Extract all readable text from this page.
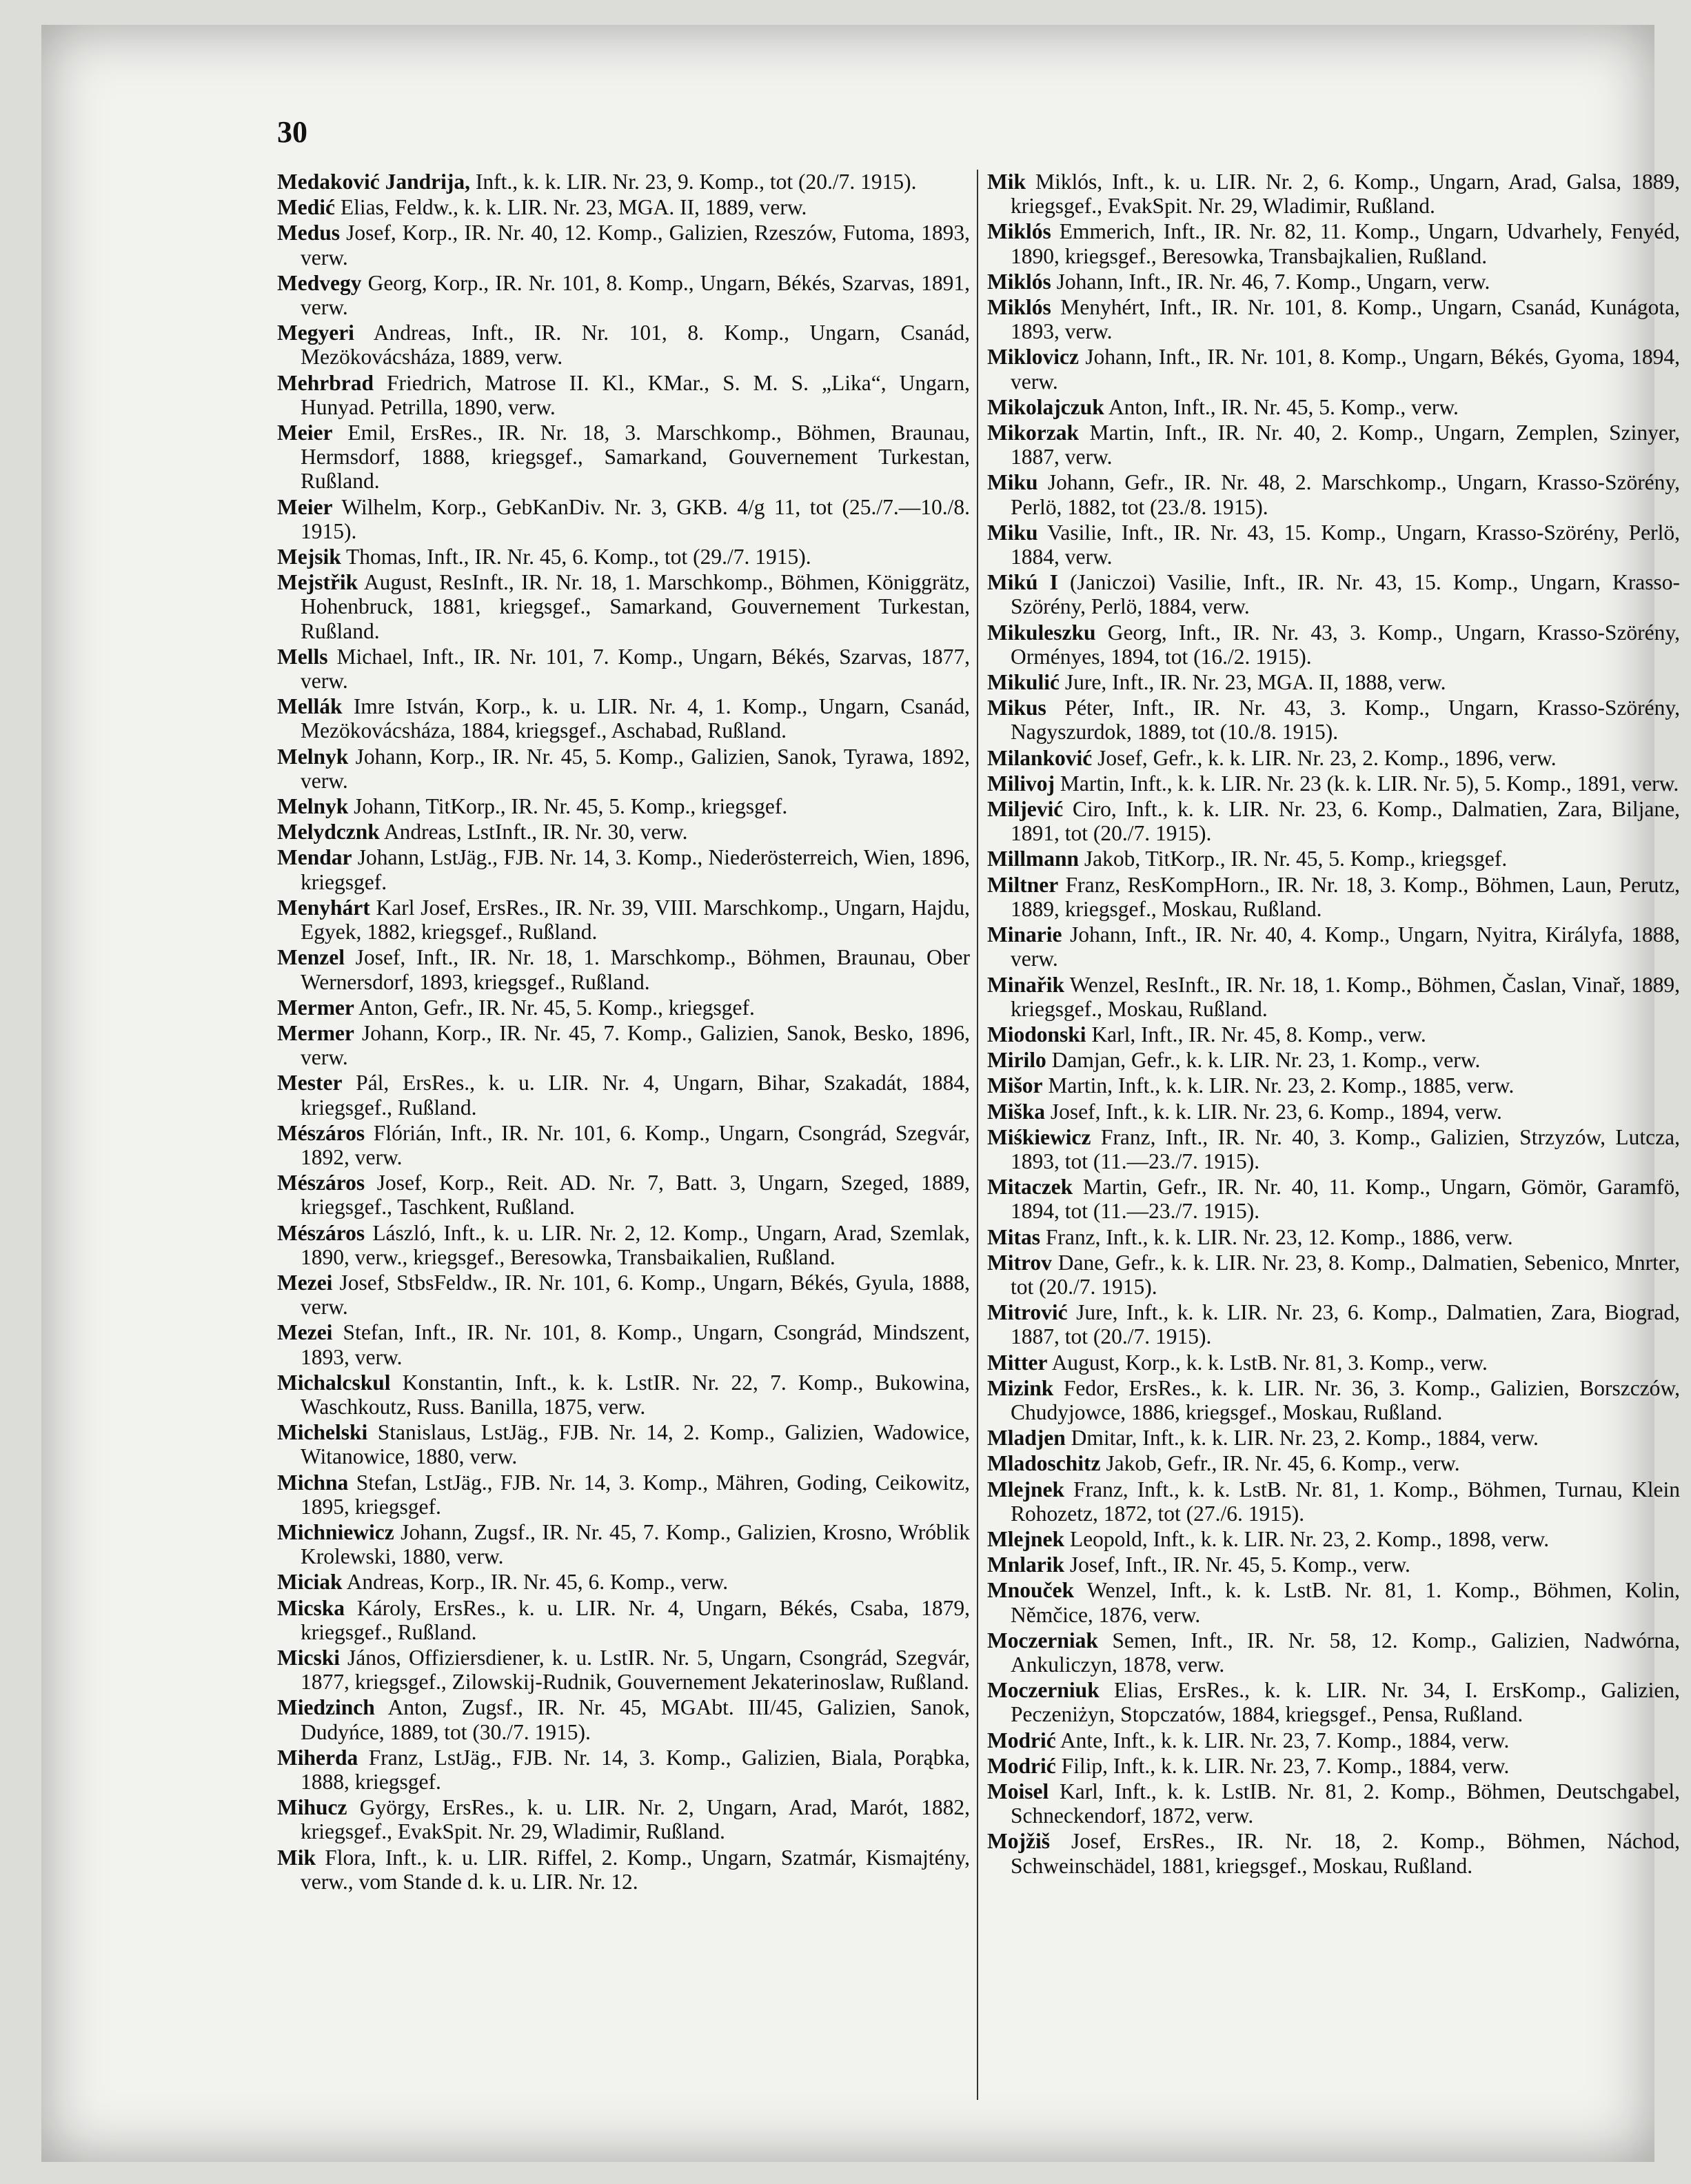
30

Medaković Jandrija, Inft., k. k. LIR. Nr. 23, 9. Komp., tot (20./7. 1915).

Medić Elias, Feldw., k. k. LIR. Nr. 23, MGA. II, 1889, verw.

Medus Josef, Korp., IR. Nr. 40, 12. Komp., Galizien, Rzeszów, Futoma, 1893, verw.

Medvegy Georg, Korp., IR. Nr. 101, 8. Komp., Ungarn, Békés, Szarvas, 1891, verw.

Megyeri Andreas, Inft., IR. Nr. 101, 8. Komp., Ungarn, Csanád, Mezökovácsháza, 1889, verw.

Mehrbrad Friedrich, Matrose II. Kl., KMar., S. M. S. „Lika“, Ungarn, Hunyad. Petrilla, 1890, verw.

Meier Emil, ErsRes., IR. Nr. 18, 3. Marschkomp., Böhmen, Braunau, Hermsdorf, 1888, kriegsgef., Samarkand, Gouvernement Turkestan, Rußland.

Meier Wilhelm, Korp., GebKanDiv. Nr. 3, GKB. 4/g 11, tot (25./7.—10./8. 1915).

Mejsik Thomas, Inft., IR. Nr. 45, 6. Komp., tot (29./7. 1915).

Mejstřik August, ResInft., IR. Nr. 18, 1. Marschkomp., Böhmen, Königgrätz, Hohenbruck, 1881, kriegsgef., Samarkand, Gouvernement Turkestan, Rußland.

Mells Michael, Inft., IR. Nr. 101, 7. Komp., Ungarn, Békés, Szarvas, 1877, verw.

Mellák Imre István, Korp., k. u. LIR. Nr. 4, 1. Komp., Ungarn, Csanád, Mezökovácsháza, 1884, kriegsgef., Aschabad, Rußland.

Melnyk Johann, Korp., IR. Nr. 45, 5. Komp., Galizien, Sanok, Tyrawa, 1892, verw.

Melnyk Johann, TitKorp., IR. Nr. 45, 5. Komp., kriegsgef.

Melydcznk Andreas, LstInft., IR. Nr. 30, verw.

Mendar Johann, LstJäg., FJB. Nr. 14, 3. Komp., Niederösterreich, Wien, 1896, kriegsgef.

Menyhárt Karl Josef, ErsRes., IR. Nr. 39, VIII. Marschkomp., Ungarn, Hajdu, Egyek, 1882, kriegsgef., Rußland.

Menzel Josef, Inft., IR. Nr. 18, 1. Marschkomp., Böhmen, Braunau, Ober Wernersdorf, 1893, kriegsgef., Rußland.

Mermer Anton, Gefr., IR. Nr. 45, 5. Komp., kriegsgef.

Mermer Johann, Korp., IR. Nr. 45, 7. Komp., Galizien, Sanok, Besko, 1896, verw.

Mester Pál, ErsRes., k. u. LIR. Nr. 4, Ungarn, Bihar, Szakadát, 1884, kriegsgef., Rußland.

Mészáros Flórián, Inft., IR. Nr. 101, 6. Komp., Ungarn, Csongrád, Szegvár, 1892, verw.

Mészáros Josef, Korp., Reit. AD. Nr. 7, Batt. 3, Ungarn, Szeged, 1889, kriegsgef., Taschkent, Rußland.

Mészáros László, Inft., k. u. LIR. Nr. 2, 12. Komp., Ungarn, Arad, Szemlak, 1890, verw., kriegsgef., Beresowka, Transbaikalien, Rußland.

Mezei Josef, StbsFeldw., IR. Nr. 101, 6. Komp., Ungarn, Békés, Gyula, 1888, verw.

Mezei Stefan, Inft., IR. Nr. 101, 8. Komp., Ungarn, Csongrád, Mindszent, 1893, verw.

Michalcskul Konstantin, Inft., k. k. LstIR. Nr. 22, 7. Komp., Bukowina, Waschkoutz, Russ. Banilla, 1875, verw.

Michelski Stanislaus, LstJäg., FJB. Nr. 14, 2. Komp., Galizien, Wadowice, Witanowice, 1880, verw.

Michna Stefan, LstJäg., FJB. Nr. 14, 3. Komp., Mähren, Goding, Ceikowitz, 1895, kriegsgef.

Michniewicz Johann, Zugsf., IR. Nr. 45, 7. Komp., Galizien, Krosno, Wróblik Krolewski, 1880, verw.

Miciak Andreas, Korp., IR. Nr. 45, 6. Komp., verw.

Micska Károly, ErsRes., k. u. LIR. Nr. 4, Ungarn, Békés, Csaba, 1879, kriegsgef., Rußland.

Micski János, Offiziersdiener, k. u. LstIR. Nr. 5, Ungarn, Csongrád, Szegvár, 1877, kriegsgef., Zilowskij-Rudnik, Gouvernement Jekaterinoslaw, Rußland.

Miedzinch Anton, Zugsf., IR. Nr. 45, MGAbt. III/45, Galizien, Sanok, Dudyńce, 1889, tot (30./7. 1915).

Miherda Franz, LstJäg., FJB. Nr. 14, 3. Komp., Galizien, Biala, Porąbka, 1888, kriegsgef.

Mihucz György, ErsRes., k. u. LIR. Nr. 2, Ungarn, Arad, Marót, 1882, kriegsgef., EvakSpit. Nr. 29, Wladimir, Rußland.

Mik Flora, Inft., k. u. LIR. Riffel, 2. Komp., Ungarn, Szatmár, Kismajtény, verw., vom Stande d. k. u. LIR. Nr. 12.

Mik Miklós, Inft., k. u. LIR. Nr. 2, 6. Komp., Ungarn, Arad, Galsa, 1889, kriegsgef., EvakSpit. Nr. 29, Wladimir, Rußland.

Miklós Emmerich, Inft., IR. Nr. 82, 11. Komp., Ungarn, Udvarhely, Fenyéd, 1890, kriegsgef., Beresowka, Transbajkalien, Rußland.

Miklós Johann, Inft., IR. Nr. 46, 7. Komp., Ungarn, verw.

Miklós Menyhért, Inft., IR. Nr. 101, 8. Komp., Ungarn, Csanád, Kunágota, 1893, verw.

Miklovicz Johann, Inft., IR. Nr. 101, 8. Komp., Ungarn, Békés, Gyoma, 1894, verw.

Mikolajczuk Anton, Inft., IR. Nr. 45, 5. Komp., verw.

Mikorzak Martin, Inft., IR. Nr. 40, 2. Komp., Ungarn, Zemplen, Szinyer, 1887, verw.

Miku Johann, Gefr., IR. Nr. 48, 2. Marschkomp., Ungarn, Krasso-Szörény, Perlö, 1882, tot (23./8. 1915).

Miku Vasilie, Inft., IR. Nr. 43, 15. Komp., Ungarn, Krasso-Szörény, Perlö, 1884, verw.

Mikú I (Janiczoi) Vasilie, Inft., IR. Nr. 43, 15. Komp., Ungarn, Krasso-Szörény, Perlö, 1884, verw.

Mikuleszku Georg, Inft., IR. Nr. 43, 3. Komp., Ungarn, Krasso-Szörény, Orményes, 1894, tot (16./2. 1915).

Mikulić Jure, Inft., IR. Nr. 23, MGA. II, 1888, verw.

Mikus Péter, Inft., IR. Nr. 43, 3. Komp., Ungarn, Krasso-Szörény, Nagyszurdok, 1889, tot (10./8. 1915).

Milanković Josef, Gefr., k. k. LIR. Nr. 23, 2. Komp., 1896, verw.

Milivoj Martin, Inft., k. k. LIR. Nr. 23 (k. k. LIR. Nr. 5), 5. Komp., 1891, verw.

Miljević Ciro, Inft., k. k. LIR. Nr. 23, 6. Komp., Dalmatien, Zara, Biljane, 1891, tot (20./7. 1915).

Millmann Jakob, TitKorp., IR. Nr. 45, 5. Komp., kriegsgef.

Miltner Franz, ResKompHorn., IR. Nr. 18, 3. Komp., Böhmen, Laun, Perutz, 1889, kriegsgef., Moskau, Rußland.

Minarie Johann, Inft., IR. Nr. 40, 4. Komp., Ungarn, Nyitra, Királyfa, 1888, verw.

Minařik Wenzel, ResInft., IR. Nr. 18, 1. Komp., Böhmen, Časlan, Vinař, 1889, kriegsgef., Moskau, Rußland.

Miodonski Karl, Inft., IR. Nr. 45, 8. Komp., verw.

Mirilo Damjan, Gefr., k. k. LIR. Nr. 23, 1. Komp., verw.

Mišor Martin, Inft., k. k. LIR. Nr. 23, 2. Komp., 1885, verw.

Miška Josef, Inft., k. k. LIR. Nr. 23, 6. Komp., 1894, verw.

Miśkiewicz Franz, Inft., IR. Nr. 40, 3. Komp., Galizien, Strzyzów, Lutcza, 1893, tot (11.—23./7. 1915).

Mitaczek Martin, Gefr., IR. Nr. 40, 11. Komp., Ungarn, Gömör, Garamfö, 1894, tot (11.—23./7. 1915).

Mitas Franz, Inft., k. k. LIR. Nr. 23, 12. Komp., 1886, verw.

Mitrov Dane, Gefr., k. k. LIR. Nr. 23, 8. Komp., Dalmatien, Sebenico, Mnrter, tot (20./7. 1915).

Mitrović Jure, Inft., k. k. LIR. Nr. 23, 6. Komp., Dalmatien, Zara, Biograd, 1887, tot (20./7. 1915).

Mitter August, Korp., k. k. LstB. Nr. 81, 3. Komp., verw.

Mizink Fedor, ErsRes., k. k. LIR. Nr. 36, 3. Komp., Galizien, Borszczów, Chudyjowce, 1886, kriegsgef., Moskau, Rußland.

Mladjen Dmitar, Inft., k. k. LIR. Nr. 23, 2. Komp., 1884, verw.

Mladoschitz Jakob, Gefr., IR. Nr. 45, 6. Komp., verw.

Mlejnek Franz, Inft., k. k. LstB. Nr. 81, 1. Komp., Böhmen, Turnau, Klein Rohozetz, 1872, tot (27./6. 1915).

Mlejnek Leopold, Inft., k. k. LIR. Nr. 23, 2. Komp., 1898, verw.

Mnlarik Josef, Inft., IR. Nr. 45, 5. Komp., verw.

Mnouček Wenzel, Inft., k. k. LstB. Nr. 81, 1. Komp., Böhmen, Kolin, Němčice, 1876, verw.

Moczerniak Semen, Inft., IR. Nr. 58, 12. Komp., Galizien, Nadwórna, Ankuliczyn, 1878, verw.

Moczerniuk Elias, ErsRes., k. k. LIR. Nr. 34, I. ErsKomp., Galizien, Peczeniżyn, Stopczatów, 1884, kriegsgef., Pensa, Rußland.

Modrić Ante, Inft., k. k. LIR. Nr. 23, 7. Komp., 1884, verw.

Modrić Filip, Inft., k. k. LIR. Nr. 23, 7. Komp., 1884, verw.

Moisel Karl, Inft., k. k. LstIB. Nr. 81, 2. Komp., Böhmen, Deutschgabel, Schneckendorf, 1872, verw.

Mojžiš Josef, ErsRes., IR. Nr. 18, 2. Komp., Böhmen, Náchod, Schweinschädel, 1881, kriegsgef., Moskau, Rußland.
